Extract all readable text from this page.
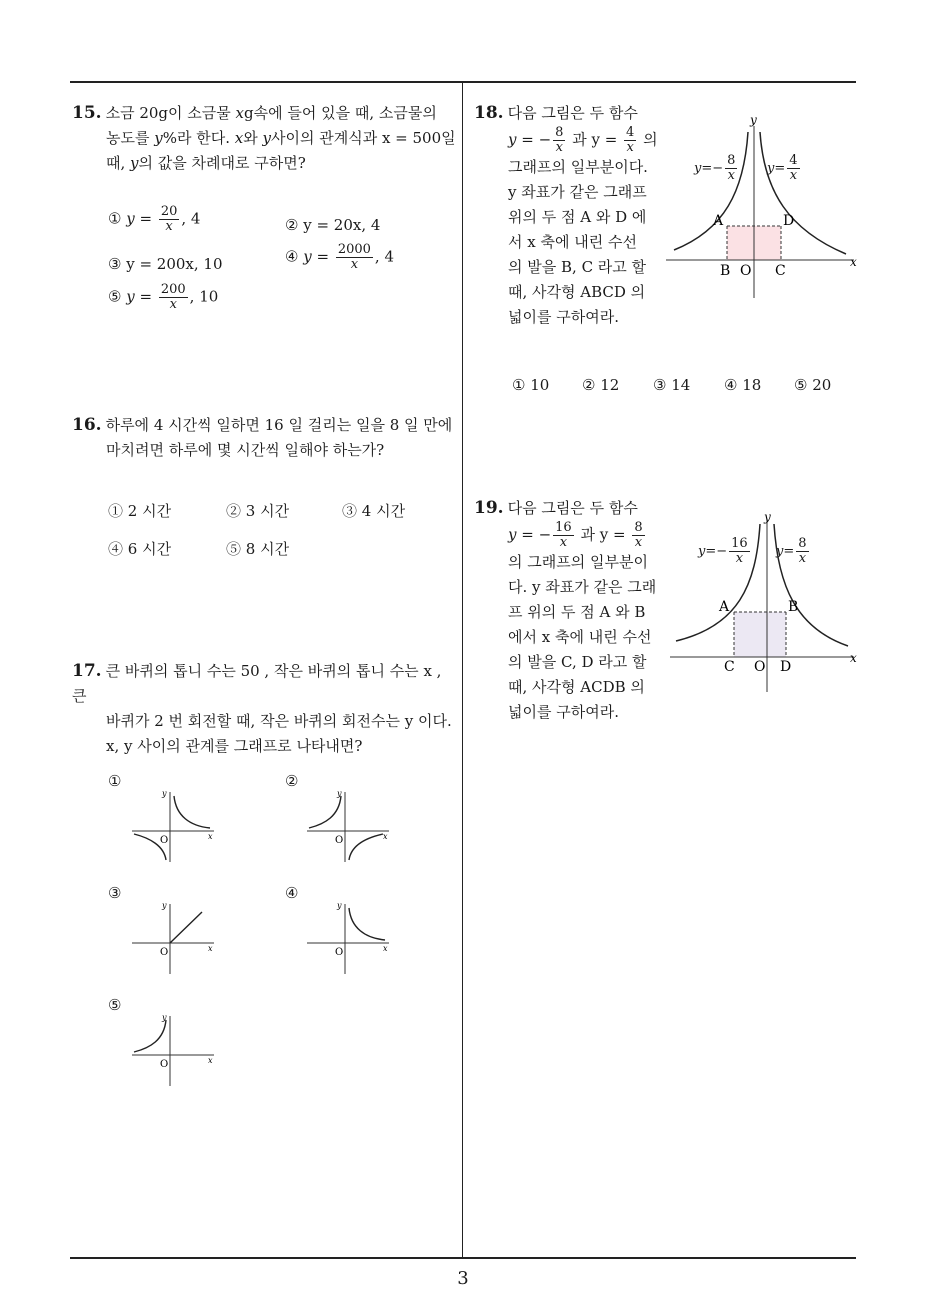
3
15. 소금 20g이 소금물 xg속에 들어 있을 때, 소금물의
농도를 y%라 한다. x와 y사이의 관계식과 x = 500일
때, y의 값을 차례대로 구하면?
① $y = \frac{20}{x}$ , 4	② y = 20x, 4
③ y = 200x, 10	④ $y = \frac{2000}{x}$ , 4
⑤ $y = \frac{200}{x}$ , 10
16. 하루에 4 시간씩 일하면 16 일 걸리는 일을 8 일 만에
마치려면 하루에 몇 시간씩 일해야 하는가?
① 2 시간	② 3 시간	③ 4 시간
④ 6 시간	⑤ 8 시간
17. 큰 바퀴의 톱니 수는 50 , 작은 바퀴의 톱니 수는 x , 큰
바퀴가 2 번 회전할 때, 작은 바퀴의 회전수는 y 이다.
x, y 사이의 관계를 그래프로 나타내면?
①	②
③	④
⑤
y
x
O
y
x
O
y
x
O
y
x
O
y
x
O
18. 다음 그림은 두 함수
y = − $\frac{8}{x}$ 과 $y = \frac{4}{x}$ 의
그래프의 일부분이다.
y 좌표가 같은 그래프
위의 두 점 A 와 D 에
서 x 축에 내린 수선
의 발을 B, C 라고 할
때, 사각형 ABCD 의
넓이를 구하여라.
y
x
A	D
B O C
$y=- \frac{8}{x} y= \frac{4}{x}$
① 10 ② 12 ③ 14 ④ 18 ⑤ 20
19. 다음 그림은 두 함수
y = − $\frac{16}{x}$ 과 $y = \frac{8}{x}$
의 그래프의 일부분이
다. y 좌표가 같은 그래
프 위의 두 점 A 와 B
에서 x 축에 내린 수선
의 발을 C, D 라고 할
때, 사각형 ACDB 의
넓이를 구하여라.
y
x
A	B
C O D
$y=- \frac{16}{x} y= \frac{8}{x}$
